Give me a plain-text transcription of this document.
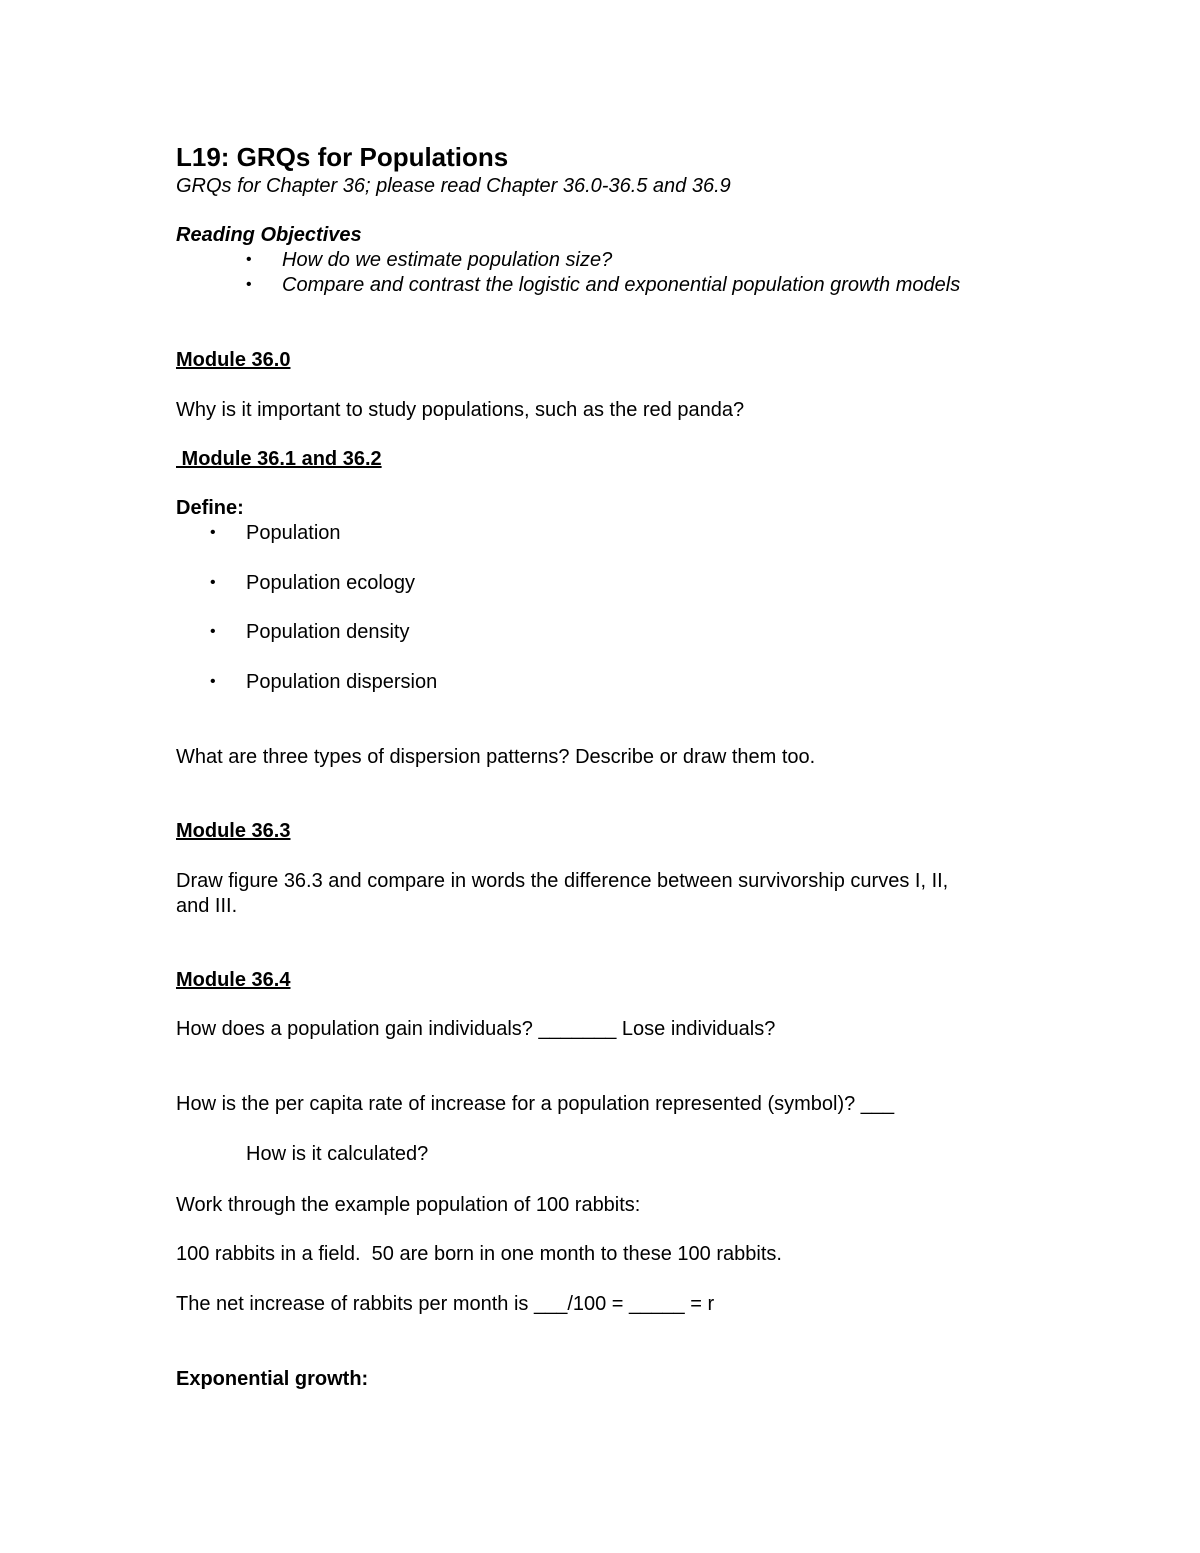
L19: GRQs for Populations
GRQs for Chapter 36; please read Chapter 36.0-36.5 and 36.9
Reading Objectives
• How do we estimate population size?
• Compare and contrast the logistic and exponential population growth models
Module 36.0
Why is it important to study populations, such as the red panda?
Module 36.1 and 36.2
Define:
• Population
• Population ecology
• Population density
• Population dispersion
What are three types of dispersion patterns? Describe or draw them too.
Module 36.3
Draw figure 36.3 and compare in words the difference between survivorship curves I, II,
and III.
Module 36.4
How does a population gain individuals? _______ Lose individuals?
How is the per capita rate of increase for a population represented (symbol)? ___
How is it calculated?
Work through the example population of 100 rabbits:
100 rabbits in a field.  50 are born in one month to these 100 rabbits.
The net increase of rabbits per month is ___/100 = _____ = r
Exponential growth:
